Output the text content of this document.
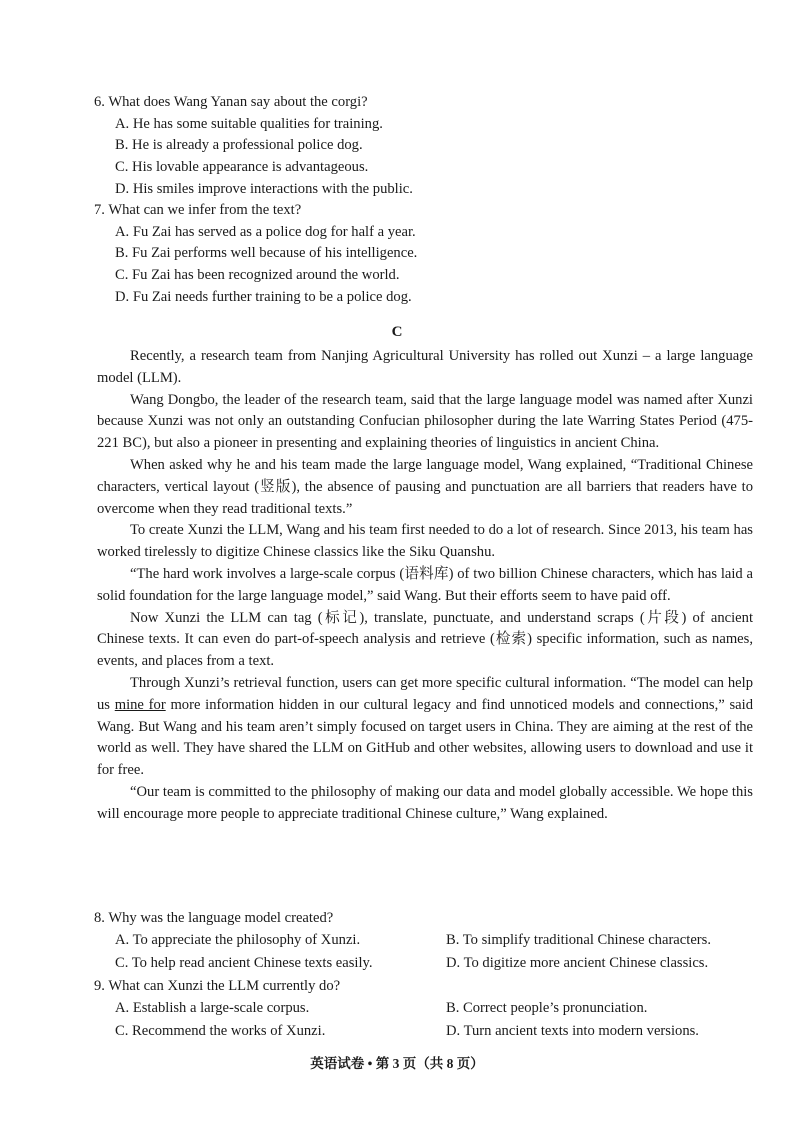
6. What does Wang Yanan say about the corgi?
A. He has some suitable qualities for training.
B. He is already a professional police dog.
C. His lovable appearance is advantageous.
D. His smiles improve interactions with the public.
7. What can we infer from the text?
A. Fu Zai has served as a police dog for half a year.
B. Fu Zai performs well because of his intelligence.
C. Fu Zai has been recognized around the world.
D. Fu Zai needs further training to be a police dog.
C

Recently, a research team from Nanjing Agricultural University has rolled out Xunzi – a large language model (LLM).

Wang Dongbo, the leader of the research team, said that the large language model was named after Xunzi because Xunzi was not only an outstanding Confucian philosopher during the late Warring States Period (475-221 BC), but also a pioneer in presenting and explaining theories of linguistics in ancient China.

When asked why he and his team made the large language model, Wang explained, “Traditional Chinese characters, vertical layout (竖版), the absence of pausing and punctuation are all barriers that readers have to overcome when they read traditional texts.”

To create Xunzi the LLM, Wang and his team first needed to do a lot of research. Since 2013, his team has worked tirelessly to digitize Chinese classics like the Siku Quanshu.

“The hard work involves a large-scale corpus (语料库) of two billion Chinese characters, which has laid a solid foundation for the large language model,” said Wang. But their efforts seem to have paid off.

Now Xunzi the LLM can tag (标记), translate, punctuate, and understand scraps (片段) of ancient Chinese texts. It can even do part-of-speech analysis and retrieve (检索) specific information, such as names, events, and places from a text.

Through Xunzi’s retrieval function, users can get more specific cultural information. “The model can help us mine for more information hidden in our cultural legacy and find unnoticed models and connections,” said Wang. But Wang and his team aren’t simply focused on target users in China. They are aiming at the rest of the world as well. They have shared the LLM on GitHub and other websites, allowing users to download and use it for free.

“Our team is committed to the philosophy of making our data and model globally accessible. We hope this will encourage more people to appreciate traditional Chinese culture,” Wang explained.

8. Why was the language model created?
A. To appreciate the philosophy of Xunzi.	B. To simplify traditional Chinese characters.
C. To help read ancient Chinese texts easily.	D. To digitize more ancient Chinese classics.
9. What can Xunzi the LLM currently do?
A. Establish a large-scale corpus.	B. Correct people’s pronunciation.
C. Recommend the works of Xunzi.	D. Turn ancient texts into modern versions.
英语试卷 • 第 3 页（共 8 页）
